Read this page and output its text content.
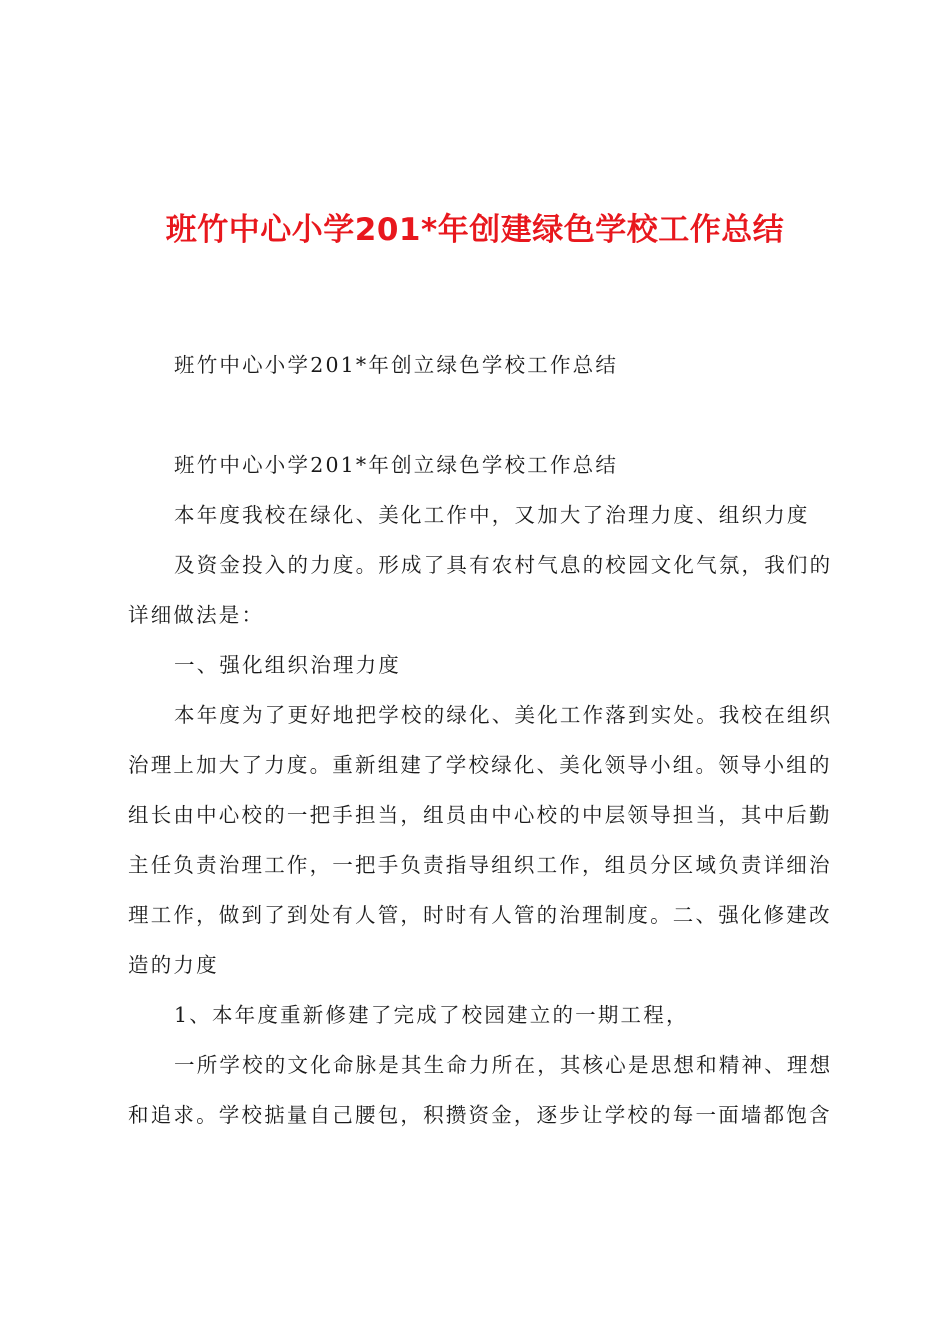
班竹中心小学201*年创建绿色学校工作总结
班竹中心小学201*年创立绿色学校工作总结
班竹中心小学201*年创立绿色学校工作总结
本年度我校在绿化、美化工作中，又加大了治理力度、组织力度
及资金投入的力度。形成了具有农村气息的校园文化气氛，我们的
详细做法是：
一、强化组织治理力度
本年度为了更好地把学校的绿化、美化工作落到实处。我校在组织
治理上加大了力度。重新组建了学校绿化、美化领导小组。领导小组的
组长由中心校的一把手担当，组员由中心校的中层领导担当，其中后勤
主任负责治理工作，一把手负责指导组织工作，组员分区域负责详细治
理工作，做到了到处有人管，时时有人管的治理制度。二、强化修建改
造的力度
1、本年度重新修建了完成了校园建立的一期工程，
一所学校的文化命脉是其生命力所在，其核心是思想和精神、理想
和追求。学校掂量自己腰包，积攒资金，逐步让学校的每一面墙都饱含
